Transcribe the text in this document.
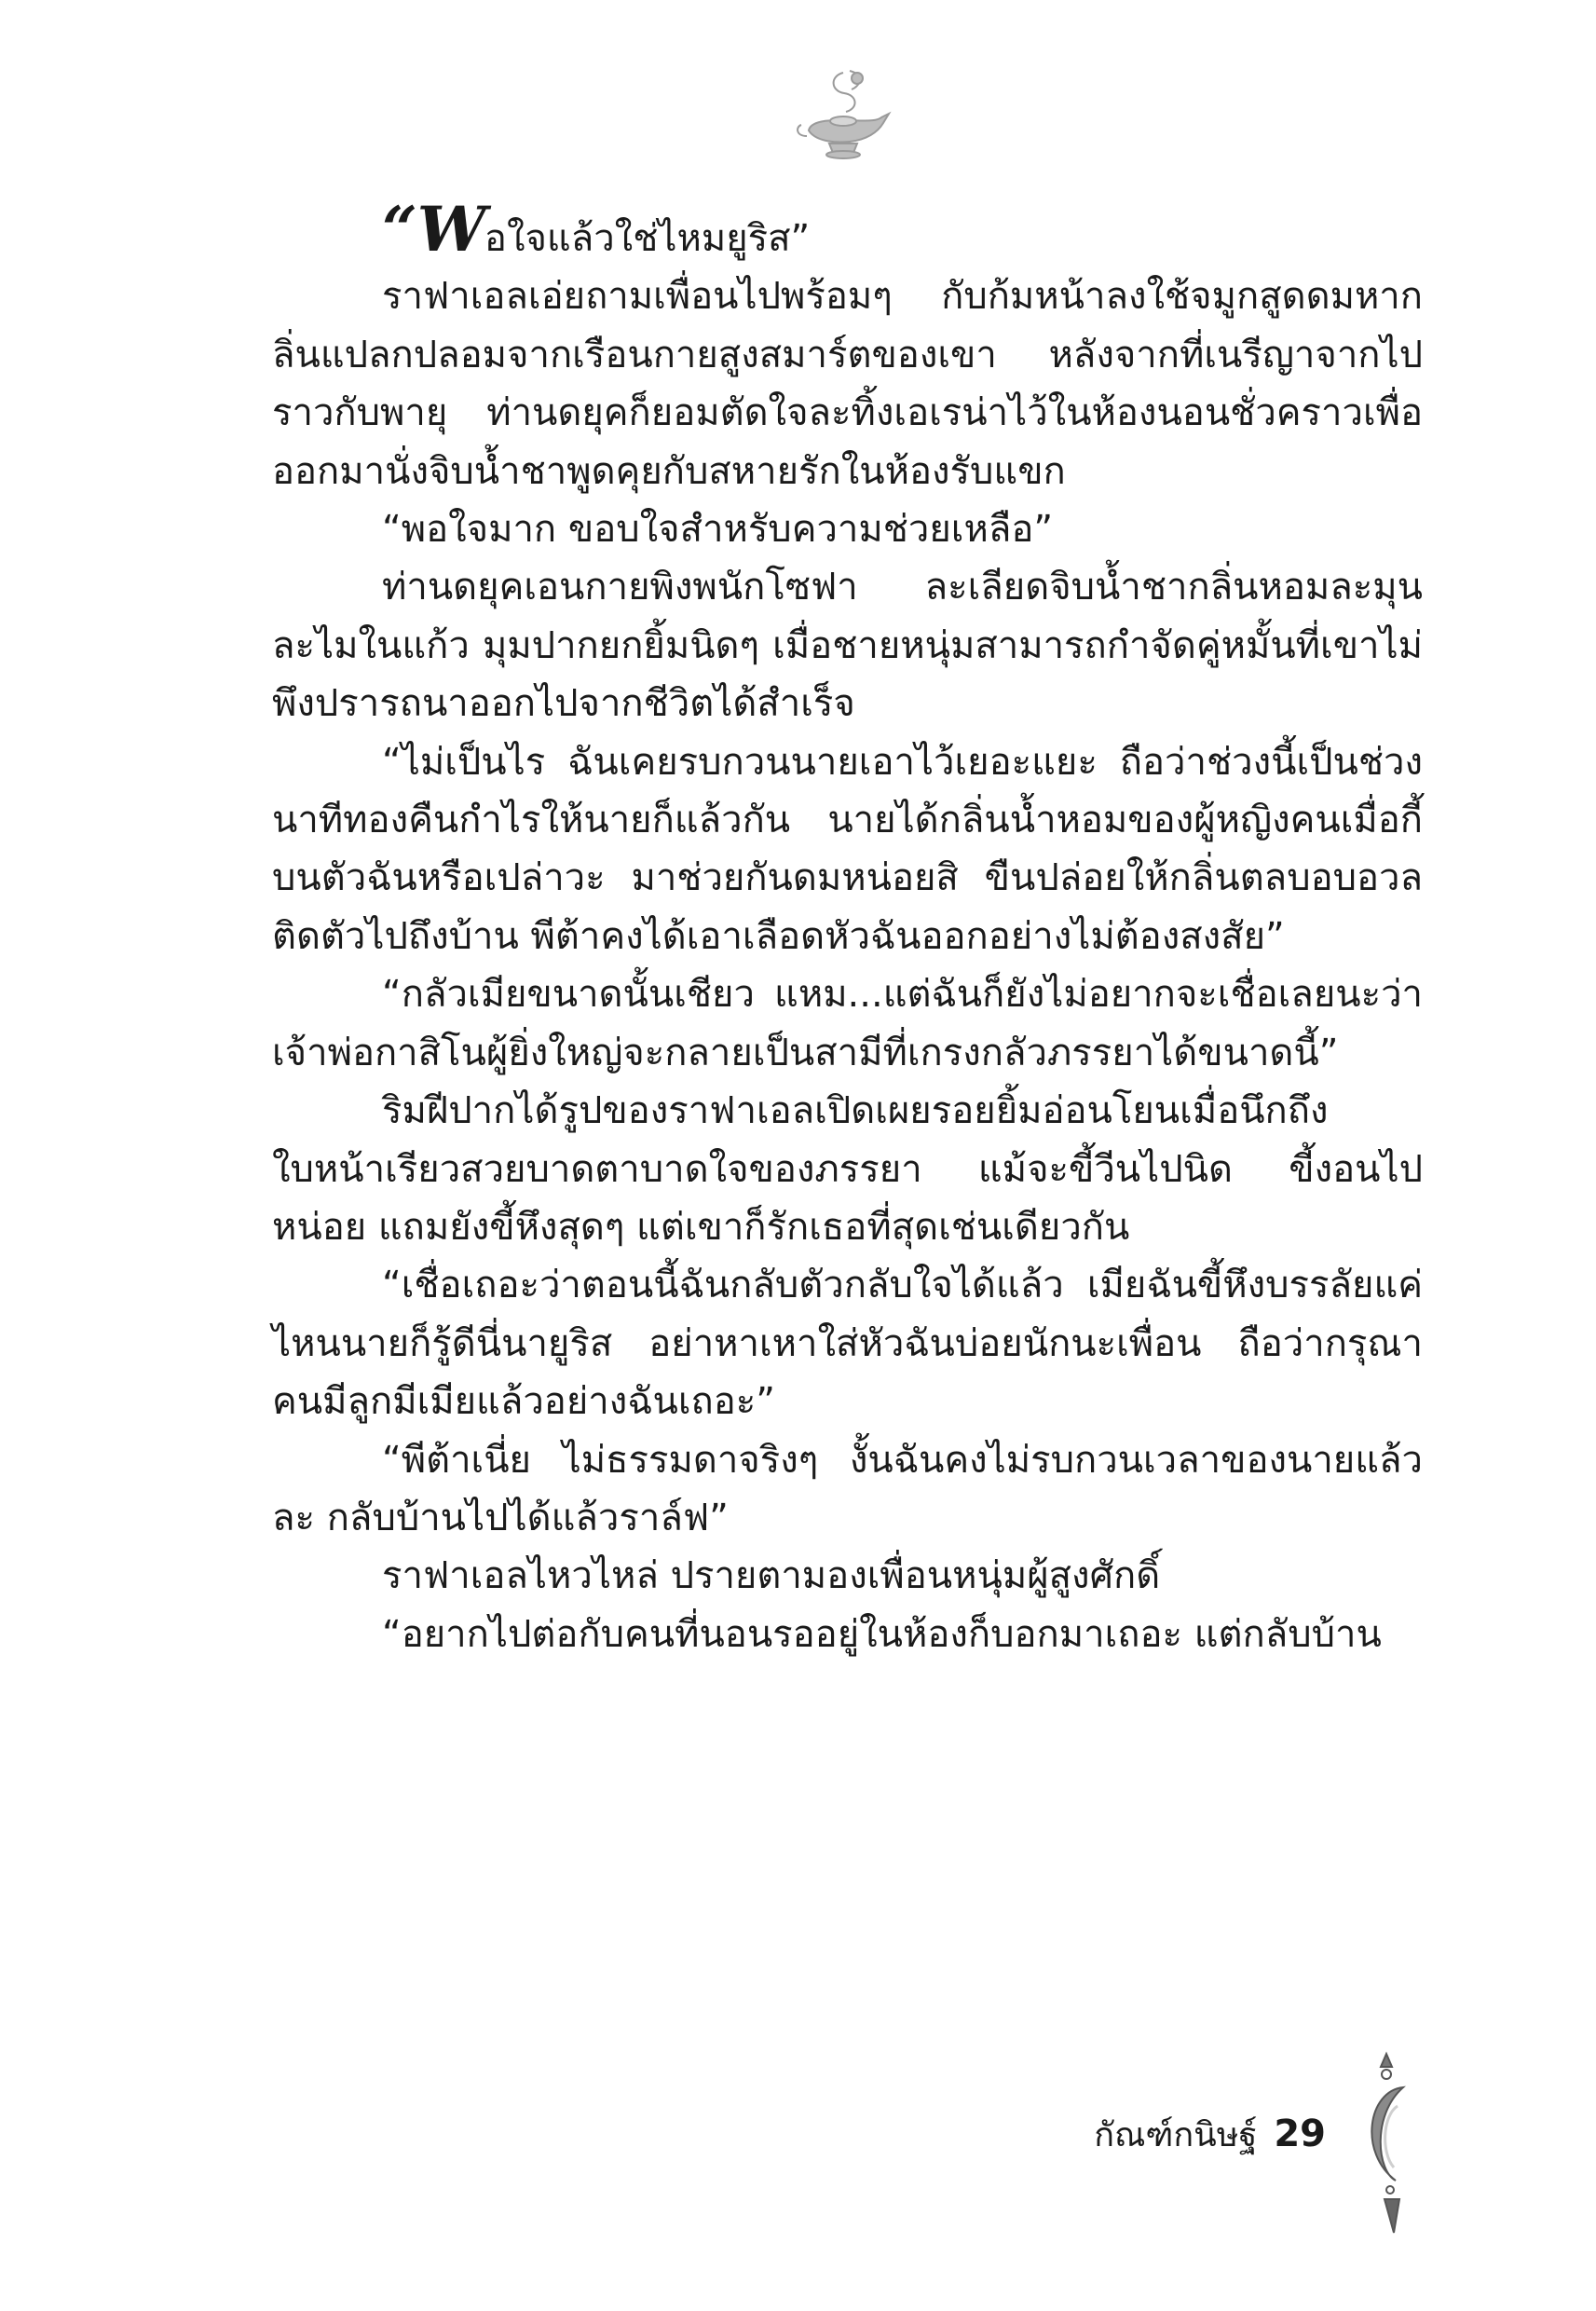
“Wอใจแล้วใช่ไหมยูริส”

ราฟาเอลเอ่ยถามเพื่อนไปพร้อมๆ กับก้มหน้าลงใช้จมูกสูดดมหากลิ่นแปลกปลอมจากเรือนกายสูงสมาร์ตของเขา หลังจากที่เนรีญาจากไปราวกับพายุ ท่านดยุคก็ยอมตัดใจละทิ้งเอเรน่าไว้ในห้องนอนชั่วคราวเพื่อออกมานั่งจิบน้ำชาพูดคุยกับสหายรักในห้องรับแขก

“พอใจมาก ขอบใจสำหรับความช่วยเหลือ”

ท่านดยุคเอนกายพิงพนักโซฟา ละเลียดจิบน้ำชากลิ่นหอมละมุนละไมในแก้ว มุมปากยกยิ้มนิดๆ เมื่อชายหนุ่มสามารถกำจัดคู่หมั้นที่เขาไม่พึงปรารถนาออกไปจากชีวิตได้สำเร็จ

“ไม่เป็นไร ฉันเคยรบกวนนายเอาไว้เยอะแยะ ถือว่าช่วงนี้เป็นช่วงนาทีทองคืนกำไรให้นายก็แล้วกัน นายได้กลิ่นน้ำหอมของผู้หญิงคนเมื่อกี้บนตัวฉันหรือเปล่าวะ มาช่วยกันดมหน่อยสิ ขืนปล่อยให้กลิ่นตลบอบอวลติดตัวไปถึงบ้าน พีต้าคงได้เอาเลือดหัวฉันออกอย่างไม่ต้องสงสัย”

“กลัวเมียขนาดนั้นเชียว แหม...แต่ฉันก็ยังไม่อยากจะเชื่อเลยนะว่าเจ้าพ่อกาสิโนผู้ยิ่งใหญ่จะกลายเป็นสามีที่เกรงกลัวภรรยาได้ขนาดนี้”

ริมฝีปากได้รูปของราฟาเอลเปิดเผยรอยยิ้มอ่อนโยนเมื่อนึกถึงใบหน้าเรียวสวยบาดตาบาดใจของภรรยา แม้จะขี้วีนไปนิด ขี้งอนไปหน่อย แถมยังขี้หึงสุดๆ แต่เขาก็รักเธอที่สุดเช่นเดียวกัน

“เชื่อเถอะว่าตอนนี้ฉันกลับตัวกลับใจได้แล้ว เมียฉันขี้หึงบรรลัยแค่ไหนนายก็รู้ดีนี่นายูริส อย่าหาเหาใส่หัวฉันบ่อยนักนะเพื่อน ถือว่ากรุณาคนมีลูกมีเมียแล้วอย่างฉันเถอะ”

“พีต้าเนี่ย ไม่ธรรมดาจริงๆ งั้นฉันคงไม่รบกวนเวลาของนายแล้วละ กลับบ้านไปได้แล้วราล์ฟ”

ราฟาเอลไหวไหล่ ปรายตามองเพื่อนหนุ่มผู้สูงศักดิ์

“อยากไปต่อกับคนที่นอนรออยู่ในห้องก็บอกมาเถอะ แต่กลับบ้าน

กัณฑ์กนิษฐ์ 29
